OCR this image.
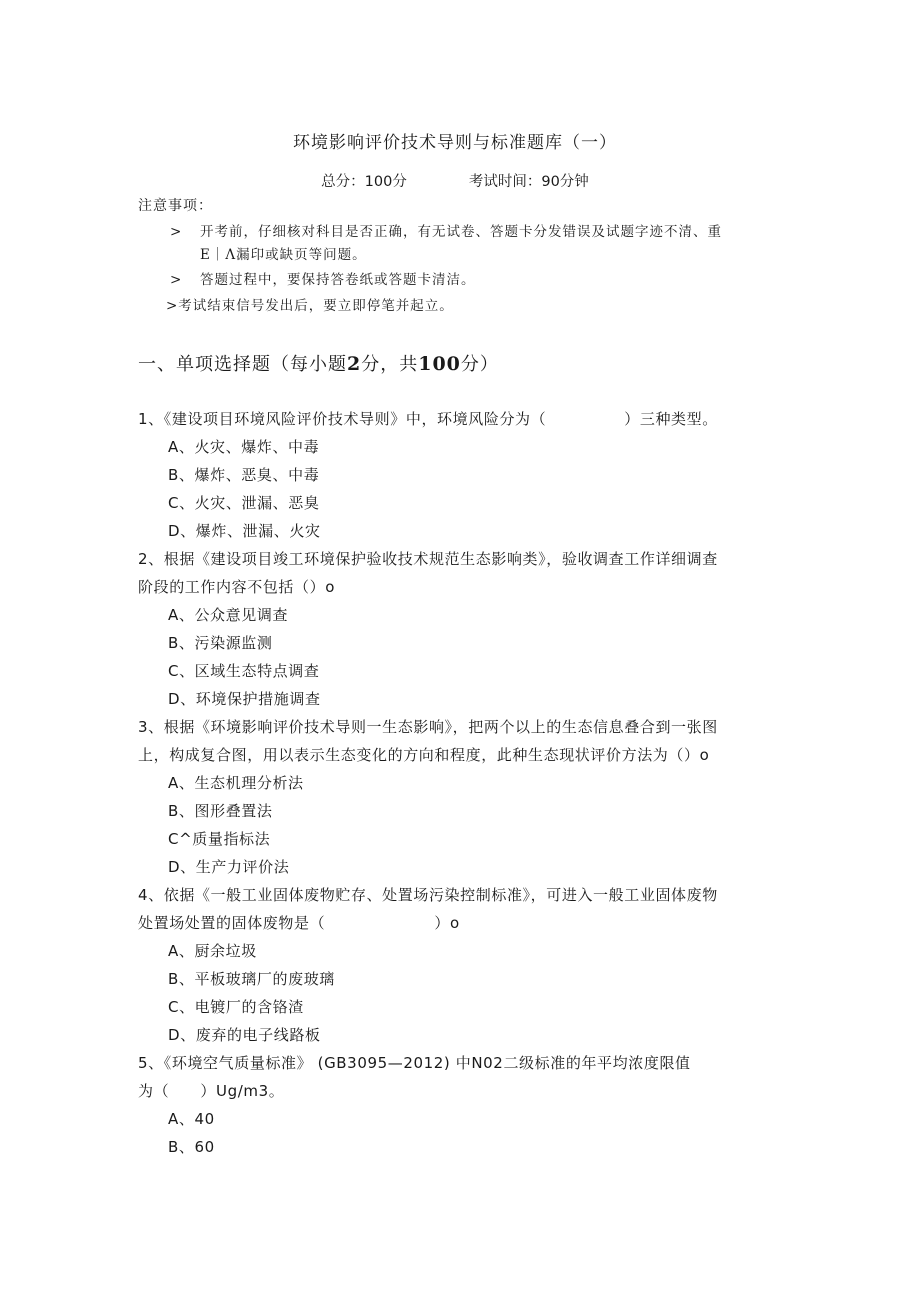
环境影响评价技术导则与标准题库（一）
总分：100分	考试时间：90分钟
注意事项：
> 开考前，仔细核对科目是否正确，有无试卷、答题卡分发错误及试题字迹不清、重
E｜Λ漏印或缺页等问题。
> 答题过程中，要保持答卷纸或答题卡清洁。
>考试结束信号发出后，要立即停笔并起立。
一、单项选择题（每小题2分，共100分）
1、《建设项目环境风险评价技术导则》中，环境风险分为（　　　　　）三种类型。
A、火灾、爆炸、中毒
B、爆炸、恶臭、中毒
C、火灾、泄漏、恶臭
D、爆炸、泄漏、火灾
2、根据《建设项目竣工环境保护验收技术规范生态影响类》，验收调查工作详细调查
阶段的工作内容不包括（）o
A、公众意见调查
B、污染源监测
C、区域生态特点调查
D、环境保护措施调查
3、根据《环境影响评价技术导则一生态影响》，把两个以上的生态信息叠合到一张图
上，构成复合图，用以表示生态变化的方向和程度，此种生态现状评价方法为（）o
A、生态机理分析法
B、图形叠置法
C^质量指标法
D、生产力评价法
4、依据《一般工业固体废物贮存、处置场污染控制标准》，可进入一般工业固体废物
处置场处置的固体废物是（　　　　　　　）o
A、厨余垃圾
B、平板玻璃厂的废玻璃
C、电镀厂的含铬渣
D、废弃的电子线路板
5、《环境空气质量标准》 (GB3095—2012) 中N02二级标准的年平均浓度限值
为（　　）Ug/m3。
A、40
B、60
